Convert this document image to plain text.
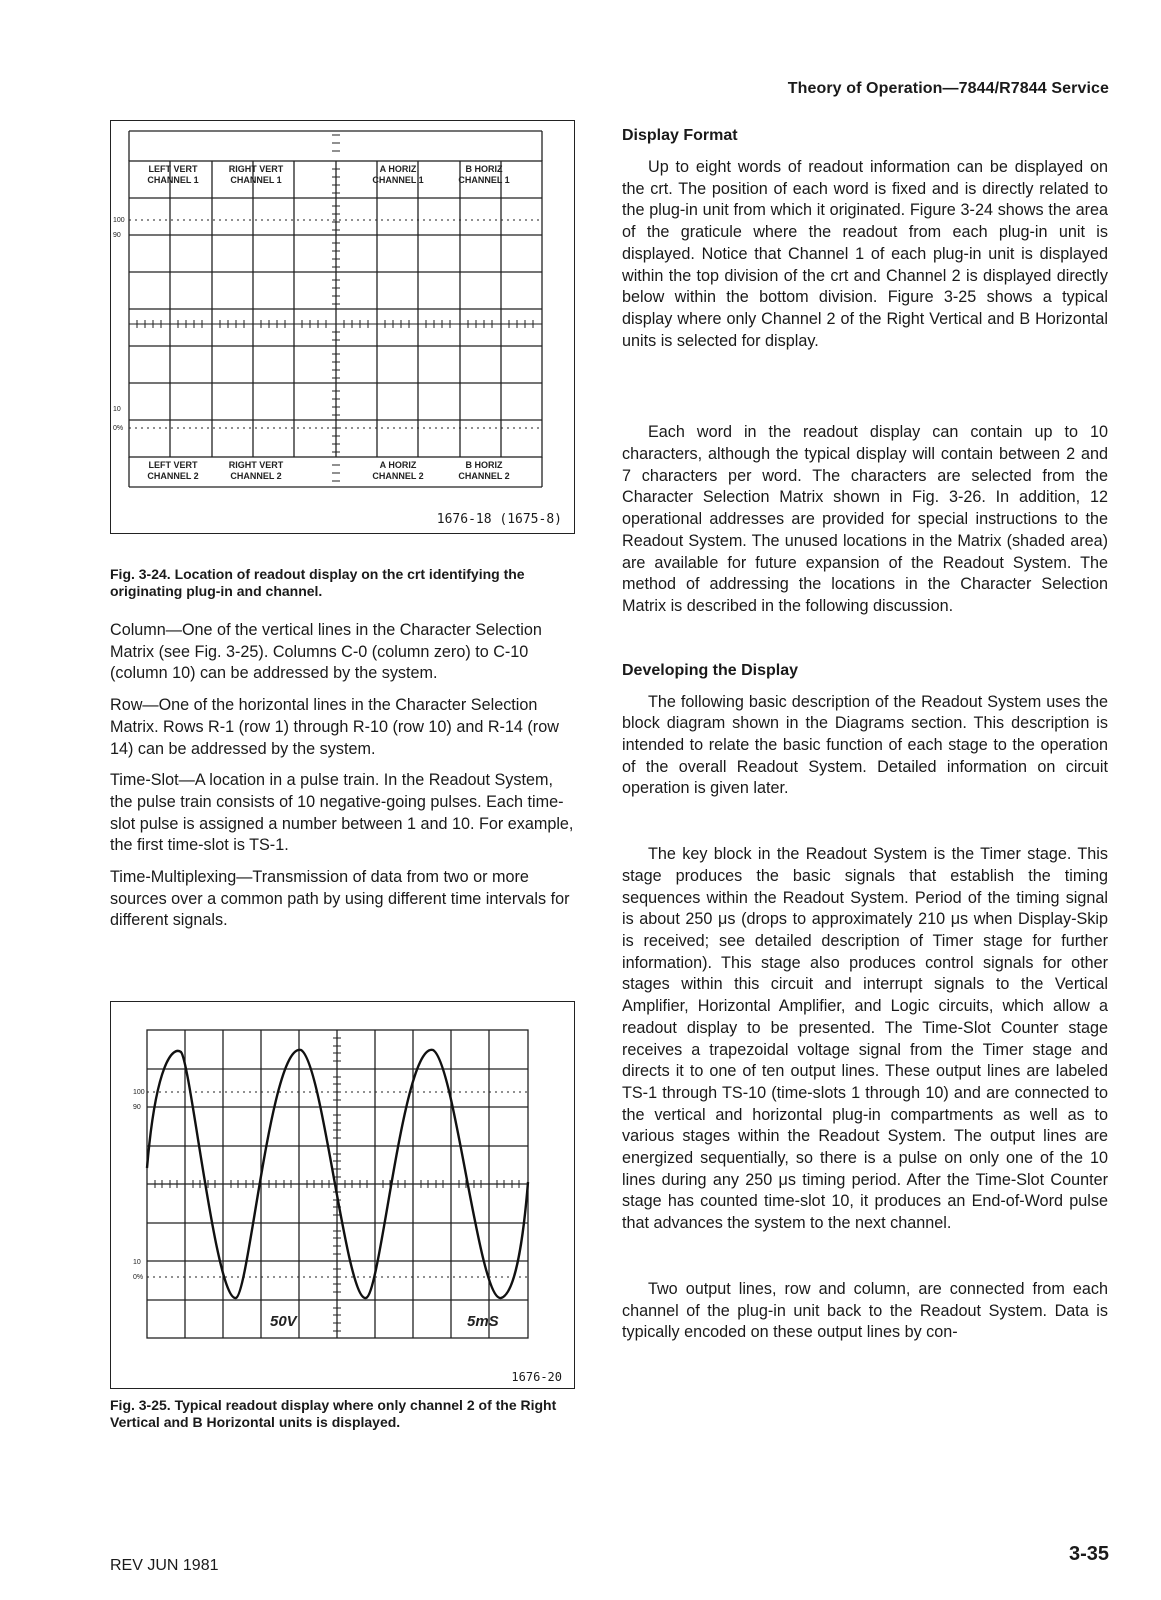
Theory of Operation—7844/R7844 Service
100
90
10
0%
LEFT VERT
CHANNEL 1
RIGHT VERT
CHANNEL 1
A HORIZ
CHANNEL 1
B HORIZ
CHANNEL 1
LEFT VERT
CHANNEL 2
RIGHT VERT
CHANNEL 2
A HORIZ
CHANNEL 2
B HORIZ
CHANNEL 2
1676-18 (1675-8)

Fig. 3-24. Location of readout display on the crt identifying the originating plug-in and channel.

Column—One of the vertical lines in the Character Selection Matrix (see Fig. 3-25). Columns C-0 (column zero) to C-10 (column 10) can be addressed by the system.

Row—One of the horizontal lines in the Character Selection Matrix. Rows R-1 (row 1) through R-10 (row 10) and R-14 (row 14) can be addressed by the system.

Time-Slot—A location in a pulse train. In the Readout System, the pulse train consists of 10 negative-going pulses. Each time-slot pulse is assigned a number between 1 and 10. For example, the first time-slot is TS-1.

Time-Multiplexing—Transmission of data from two or more sources over a common path by using different time intervals for different signals.

100
90
10
0%
50V	5mS
1676-20

Fig. 3-25. Typical readout display where only channel 2 of the Right Vertical and B Horizontal units is displayed.

Display Format

Up to eight words of readout information can be displayed on the crt. The position of each word is fixed and is directly related to the plug-in unit from which it originated. Figure 3-24 shows the area of the graticule where the readout from each plug-in unit is displayed. Notice that Channel 1 of each plug-in unit is displayed within the top division of the crt and Channel 2 is displayed directly below within the bottom division. Figure 3-25 shows a typical display where only Channel 2 of the Right Vertical and B Horizontal units is selected for display.

Each word in the readout display can contain up to 10 characters, although the typical display will contain between 2 and 7 characters per word. The characters are selected from the Character Selection Matrix shown in Fig. 3-26. In addition, 12 operational addresses are provided for special instructions to the Readout System. The unused locations in the Matrix (shaded area) are available for future expansion of the Readout System. The method of addressing the locations in the Character Selection Matrix is described in the following discussion.

Developing the Display

The following basic description of the Readout System uses the block diagram shown in the Diagrams section. This description is intended to relate the basic function of each stage to the operation of the overall Readout System. Detailed information on circuit operation is given later.

The key block in the Readout System is the Timer stage. This stage produces the basic signals that establish the timing sequences within the Readout System. Period of the timing signal is about 250 μs (drops to approximately 210 μs when Display-Skip is received; see detailed description of Timer stage for further information). This stage also produces control signals for other stages within this circuit and interrupt signals to the Vertical Amplifier, Horizontal Amplifier, and Logic circuits, which allow a readout display to be presented. The Time-Slot Counter stage receives a trapezoidal voltage signal from the Timer stage and directs it to one of ten output lines. These output lines are labeled TS-1 through TS-10 (time-slots 1 through 10) and are connected to the vertical and horizontal plug-in compartments as well as to various stages within the Readout System. The output lines are energized sequentially, so there is a pulse on only one of the 10 lines during any 250 μs timing period. After the Time-Slot Counter stage has counted time-slot 10, it produces an End-of-Word pulse that advances the system to the next channel.

Two output lines, row and column, are connected from each channel of the plug-in unit back to the Readout System. Data is typically encoded on these output lines by con-

REV JUN 1981
3-35
